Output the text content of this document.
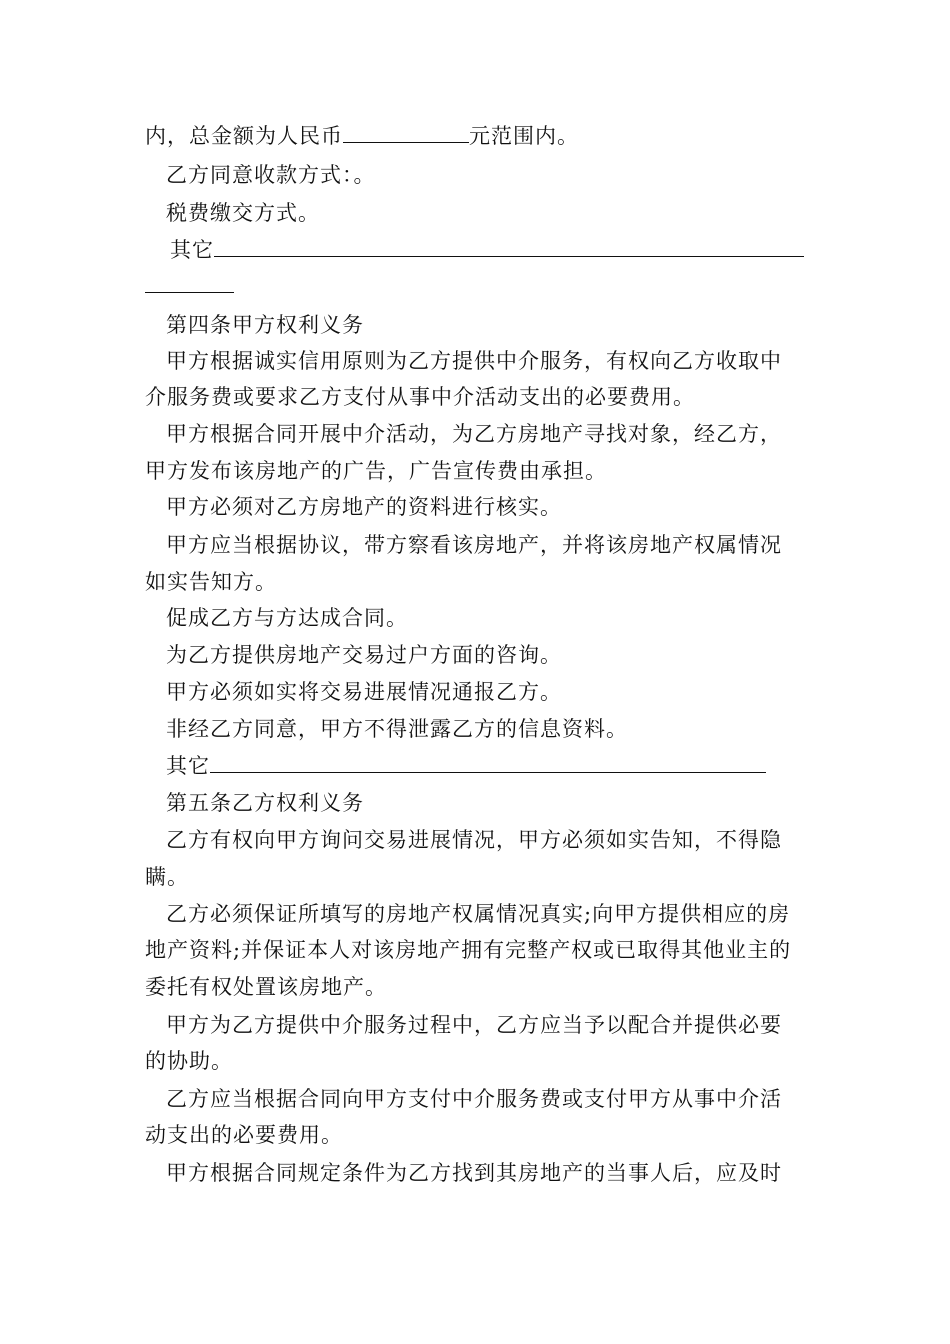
内，总金额为人民币	元范围内。
乙方同意收款方式：。
税费缴交方式。
其它
第四条甲方权利义务
甲方根据诚实信用原则为乙方提供中介服务，有权向乙方收取中
介服务费或要求乙方支付从事中介活动支出的必要费用。
甲方根据合同开展中介活动，为乙方房地产寻找对象，经乙方，
甲方发布该房地产的广告，广告宣传费由承担。
甲方必须对乙方房地产的资料进行核实。
甲方应当根据协议，带方察看该房地产，并将该房地产权属情况
如实告知方。
促成乙方与方达成合同。
为乙方提供房地产交易过户方面的咨询。
甲方必须如实将交易进展情况通报乙方。
非经乙方同意，甲方不得泄露乙方的信息资料。
其它
第五条乙方权利义务
乙方有权向甲方询问交易进展情况，甲方必须如实告知，不得隐
瞒。
乙方必须保证所填写的房地产权属情况真实;向甲方提供相应的房
地产资料;并保证本人对该房地产拥有完整产权或已取得其他业主的
委托有权处置该房地产。
甲方为乙方提供中介服务过程中，乙方应当予以配合并提供必要
的协助。
乙方应当根据合同向甲方支付中介服务费或支付甲方从事中介活
动支出的必要费用。
甲方根据合同规定条件为乙方找到其房地产的当事人后，应及时
